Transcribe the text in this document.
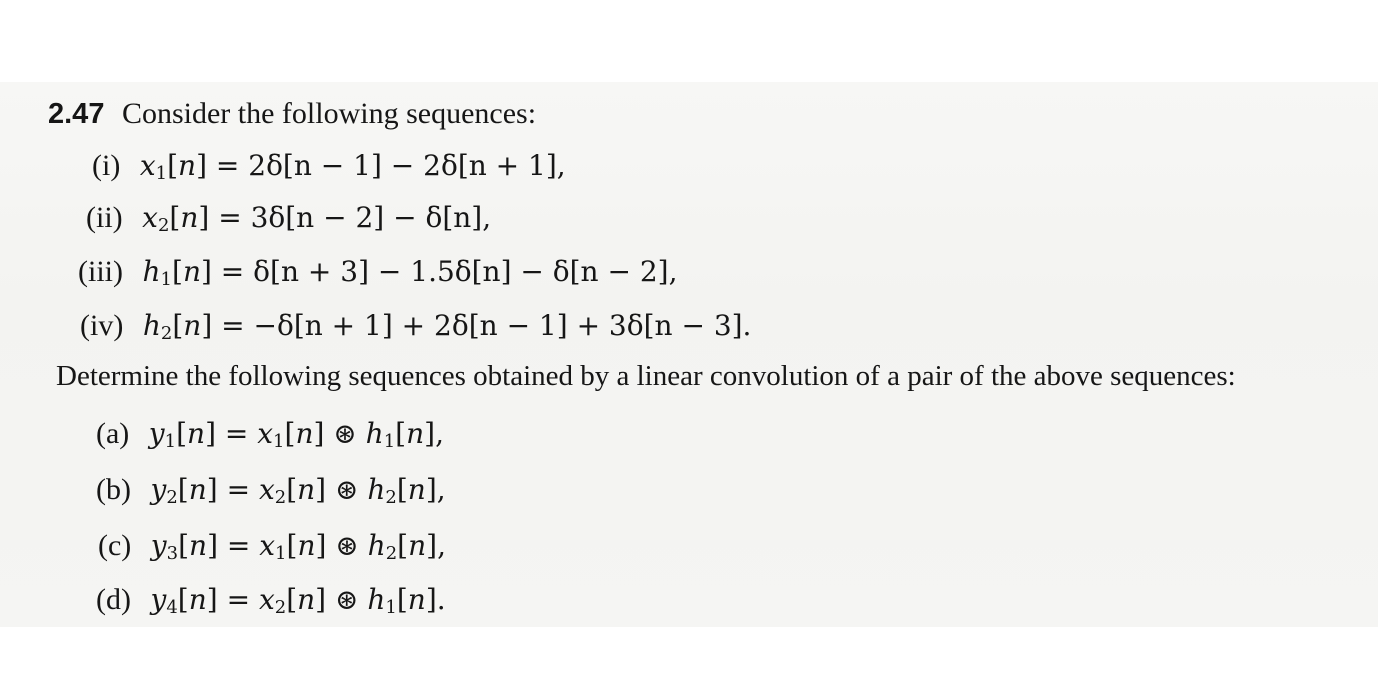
2.47 Consider the following sequences:
(i) $x_1[n] = 2\delta[n - 1] - 2\delta[n + 1]$,
(ii) $x_2[n] = 3\delta[n - 2] - \delta[n]$,
(iii) $h_1[n] = \delta[n + 3] - 1.5\delta[n] - \delta[n - 2]$,
(iv) $h_2[n] = -\delta[n + 1] + 2\delta[n - 1] + 3\delta[n - 3]$.
Determine the following sequences obtained by a linear convolution of a pair of the above sequences:
(a) $y_1[n] = x_1[n]$ ⊛ $h_1[n]$,
(b) $y_2[n] = x_2[n]$ ⊛ $h_2[n]$,
(c) $y_3[n] = x_1[n]$ ⊛ $h_2[n]$,
(d) $y_4[n] = x_2[n]$ ⊛ $h_1[n]$.
